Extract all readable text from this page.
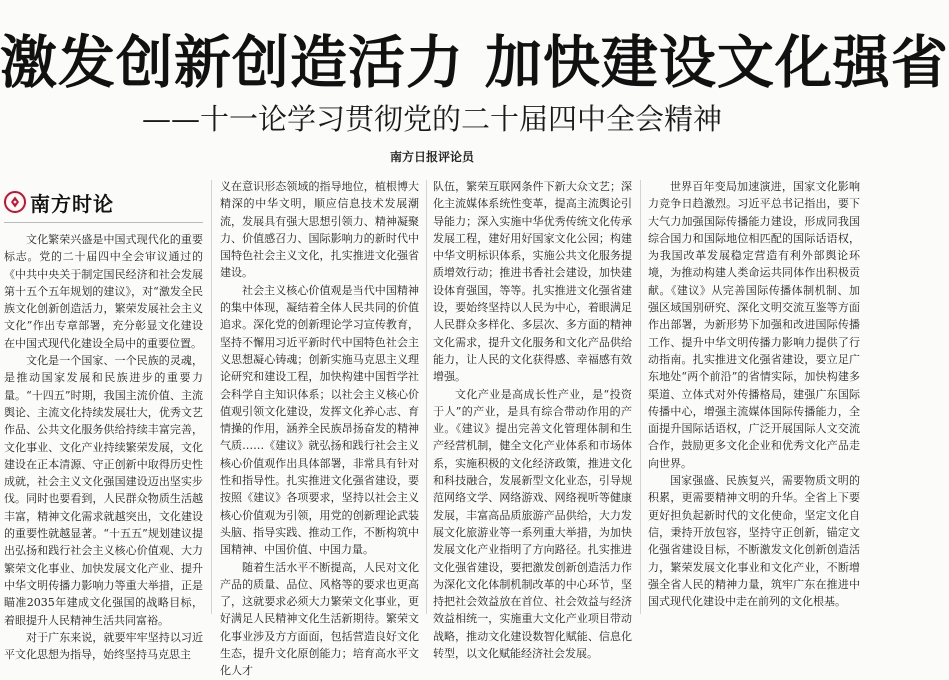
激发创新创造活力 加快建设文化强省
——十一论学习贯彻党的二十届四中全会精神
南方日报评论员
南方时论

文化繁荣兴盛是中国式现代化的重要标志。党的二十届四中全会审议通过的《中共中央关于制定国民经济和社会发展第十五个五年规划的建议》，对“激发全民族文化创新创造活力，繁荣发展社会主义文化”作出专章部署，充分彰显文化建设在中国式现代化建设全局中的重要位置。

文化是一个国家、一个民族的灵魂，是推动国家发展和民族进步的重要力量。“十四五”时期，我国主流价值、主流舆论、主流文化持续发展壮大，优秀文艺作品、公共文化服务供给持续丰富完善，文化事业、文化产业持续繁荣发展，文化建设在正本清源、守正创新中取得历史性成就，社会主义文化强国建设迈出坚实步伐。同时也要看到，人民群众物质生活越丰富，精神文化需求就越突出，文化建设的重要性就越显著。“十五五”规划建议提出弘扬和践行社会主义核心价值观、大力繁荣文化事业、加快发展文化产业、提升中华文明传播力影响力等重大举措，正是瞄准2035年建成文化强国的战略目标，着眼提升人民精神生活共同富裕。

对于广东来说，就要牢牢坚持以习近平文化思想为指导，始终坚持马克思主

义在意识形态领域的指导地位，植根博大精深的中华文明，顺应信息技术发展潮流，发展具有强大思想引领力、精神凝聚力、价值感召力、国际影响力的新时代中国特色社会主义文化，扎实推进文化强省建设。

社会主义核心价值观是当代中国精神的集中体现，凝结着全体人民共同的价值追求。深化党的创新理论学习宣传教育，坚持不懈用习近平新时代中国特色社会主义思想凝心铸魂；创新实施马克思主义理论研究和建设工程，加快构建中国哲学社会科学自主知识体系；以社会主义核心价值观引领文化建设，发挥文化养心志、育情操的作用，涵养全民族昂扬奋发的精神气质……《建议》就弘扬和践行社会主义核心价值观作出具体部署，非常具有针对性和指导性。扎实推进文化强省建设，要按照《建议》各项要求，坚持以社会主义核心价值观为引领，用党的创新理论武装头脑、指导实践、推动工作，不断构筑中国精神、中国价值、中国力量。

随着生活水平不断提高，人民对文化产品的质量、品位、风格等的要求也更高了，这就要求必须大力繁荣文化事业，更好满足人民精神文化生活新期待。繁荣文化事业涉及方方面面，包括营造良好文化生态，提升文化原创能力；培育高水平文化人才

队伍，繁荣互联网条件下新大众文艺；深化主流媒体系统性变革，提高主流舆论引导能力；深入实施中华优秀传统文化传承发展工程，建好用好国家文化公园；构建中华文明标识体系，实施公共文化服务提质增效行动；推进书香社会建设，加快建设体育强国，等等。扎实推进文化强省建设，要始终坚持以人民为中心，着眼满足人民群众多样化、多层次、多方面的精神文化需求，提升文化服务和文化产品供给能力，让人民的文化获得感、幸福感有效增强。

文化产业是高成长性产业，是“投资于人”的产业，是具有综合带动作用的产业。《建议》提出完善文化管理体制和生产经营机制，健全文化产业体系和市场体系，实施积极的文化经济政策，推进文化和科技融合，发展新型文化业态，引导规范网络文学、网络游戏、网络视听等健康发展，丰富高品质旅游产品供给，大力发展文化旅游业等一系列重大举措，为加快发展文化产业指明了方向路径。扎实推进文化强省建设，要把激发创新创造活力作为深化文化体制机制改革的中心环节，坚持把社会效益放在首位、社会效益与经济效益相统一，实施重大文化产业项目带动战略，推动文化建设数智化赋能、信息化转型，以文化赋能经济社会发展。

世界百年变局加速演进，国家文化影响力竞争日趋激烈。习近平总书记指出，要下大气力加强国际传播能力建设，形成同我国综合国力和国际地位相匹配的国际话语权，为我国改革发展稳定营造有利外部舆论环境，为推动构建人类命运共同体作出积极贡献。《建议》从完善国际传播体制机制、加强区域国别研究、深化文明交流互鉴等方面作出部署，为新形势下加强和改进国际传播工作、提升中华文明传播力影响力提供了行动指南。扎实推进文化强省建设，要立足广东地处“两个前沿”的省情实际，加快构建多渠道、立体式对外传播格局，建强广东国际传播中心，增强主流媒体国际传播能力，全面提升国际话语权，广泛开展国际人文交流合作，鼓励更多文化企业和优秀文化产品走向世界。

国家强盛、民族复兴，需要物质文明的积累，更需要精神文明的升华。全省上下要更好担负起新时代的文化使命，坚定文化自信，秉持开放包容，坚持守正创新，锚定文化强省建设目标，不断激发文化创新创造活力，繁荣发展文化事业和文化产业，不断增强全省人民的精神力量，筑牢广东在推进中国式现代化建设中走在前列的文化根基。
